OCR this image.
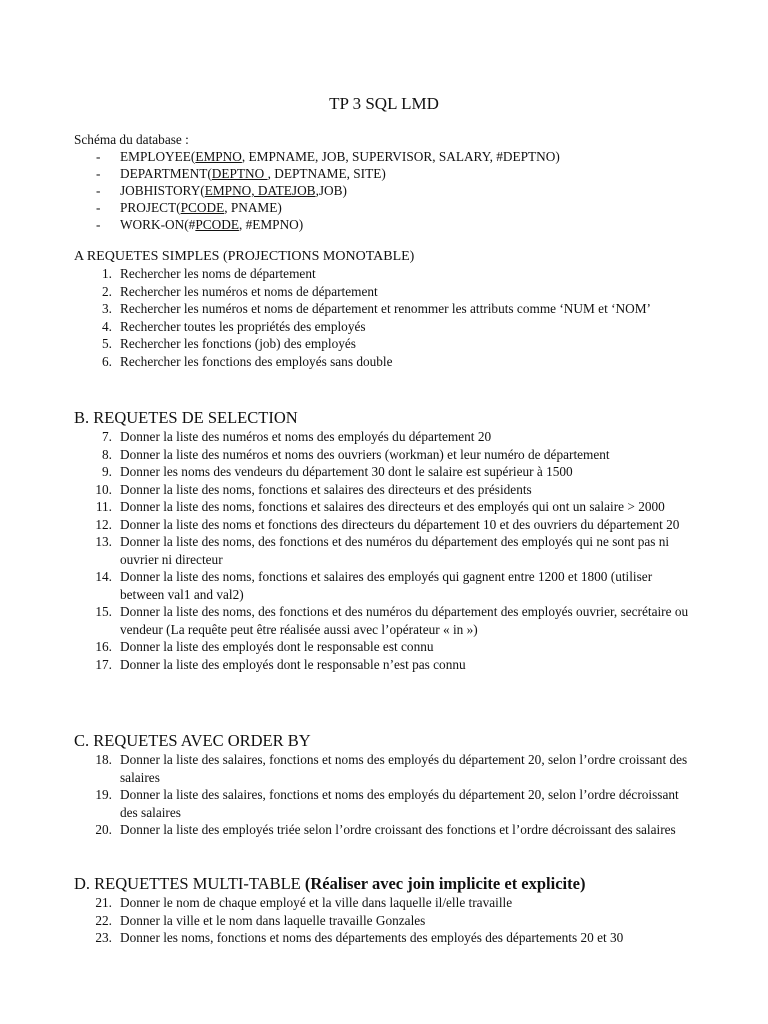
TP 3 SQL LMD
Schéma du database :
- EMPLOYEE(EMPNO, EMPNAME, JOB, SUPERVISOR, SALARY, #DEPTNO)
- DEPARTMENT(DEPTNO , DEPTNAME, SITE)
- JOBHISTORY(EMPNO, DATEJOB,JOB)
- PROJECT(PCODE, PNAME)
- WORK-ON(#PCODE, #EMPNO)
A REQUETES SIMPLES (PROJECTIONS MONOTABLE)
1. Rechercher les noms de département
2. Rechercher les numéros et noms de département
3. Rechercher les numéros et noms de département et renommer les attributs comme ‘NUM et ‘NOM’
4. Rechercher toutes les propriétés des employés
5. Rechercher les fonctions (job) des employés
6. Rechercher les fonctions des employés sans double
B. REQUETES DE SELECTION
7. Donner la liste des numéros et noms des employés du département 20
8. Donner la liste des numéros et noms des ouvriers (workman) et leur numéro de département
9. Donner les noms des vendeurs du département 30 dont le salaire est supérieur à 1500
10. Donner la liste des noms, fonctions et salaires des directeurs et des présidents
11. Donner la liste des noms, fonctions et salaires des directeurs et des employés qui ont un salaire > 2000
12. Donner la liste des noms et fonctions des directeurs du département 10 et des ouvriers du département 20
13. Donner la liste des noms, des fonctions et des numéros du département des employés qui ne sont pas ni ouvrier ni directeur
14. Donner la liste des noms, fonctions et salaires des employés qui gagnent entre 1200 et 1800 (utiliser between val1 and val2)
15. Donner la liste des noms, des fonctions et des numéros du département des employés ouvrier, secrétaire ou vendeur (La requête peut être réalisée aussi avec l’opérateur « in »)
16. Donner la liste des employés dont le responsable est connu
17. Donner la liste des employés dont le responsable n’est pas connu
C. REQUETES AVEC ORDER BY
18. Donner la liste des salaires, fonctions et noms des employés du département 20, selon l’ordre croissant des salaires
19. Donner la liste des salaires, fonctions et noms des employés du département 20, selon l’ordre décroissant des salaires
20. Donner la liste des employés triée selon l’ordre croissant des fonctions et l’ordre décroissant des salaires
D. REQUETTES MULTI-TABLE (Réaliser avec join implicite et explicite)
21. Donner le nom de chaque employé et la ville dans laquelle il/elle travaille
22. Donner la ville et le nom dans laquelle travaille Gonzales
23. Donner les noms, fonctions et noms des départements des employés des départements 20 et 30
